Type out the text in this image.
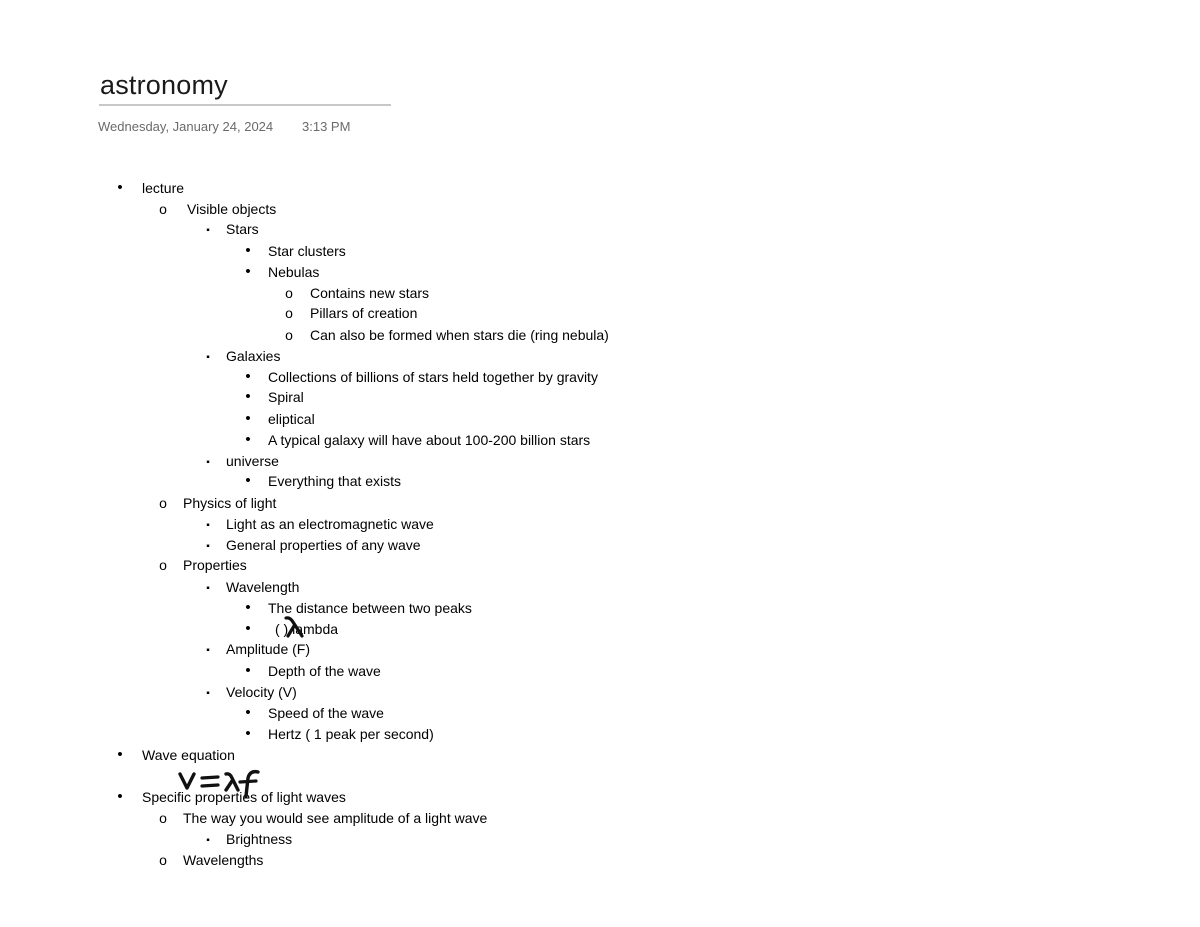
astronomy
Wednesday, January 24, 2024 3:13 PM
•
lecture
o
Visible objects
▪
Stars
•
Star clusters
•
Nebulas
o
Contains new stars
o
Pillars of creation
o
Can also be formed when stars die (ring nebula)
▪
Galaxies
•
Collections of billions of stars held together by gravity
•
Spiral
•
eliptical
•
A typical galaxy will have about 100-200 billion stars
▪
universe
•
Everything that exists
o
Physics of light
▪
Light as an electromagnetic wave
▪
General properties of any wave
o
Properties
▪
Wavelength
•
The distance between two peaks
•
( ) lambda
▪
Amplitude (F)
•
Depth of the wave
▪
Velocity (V)
•
Speed of the wave
•
Hertz ( 1 peak per second)
•
Wave equation
•
Specific properties of light waves
o
The way you would see amplitude of a light wave
▪
Brightness
o
Wavelengths
